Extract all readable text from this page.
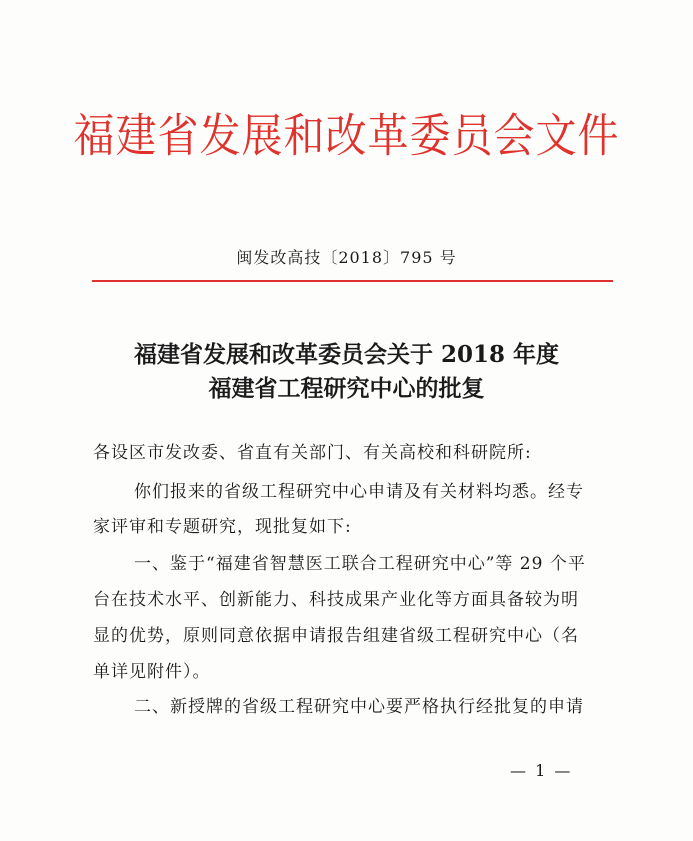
福建省发展和改革委员会文件
闽发改高技〔2018〕795 号
福建省发展和改革委员会关于 2018 年度
福建省工程研究中心的批复
各设区市发改委、省直有关部门、有关高校和科研院所:
你们报来的省级工程研究中心申请及有关材料均悉。经专
家评审和专题研究，现批复如下:
一、鉴于“福建省智慧医工联合工程研究中心”等 29 个平
台在技术水平、创新能力、科技成果产业化等方面具备较为明
显的优势，原则同意依据申请报告组建省级工程研究中心（名
单详见附件）。
二、新授牌的省级工程研究中心要严格执行经批复的申请
— 1 —
